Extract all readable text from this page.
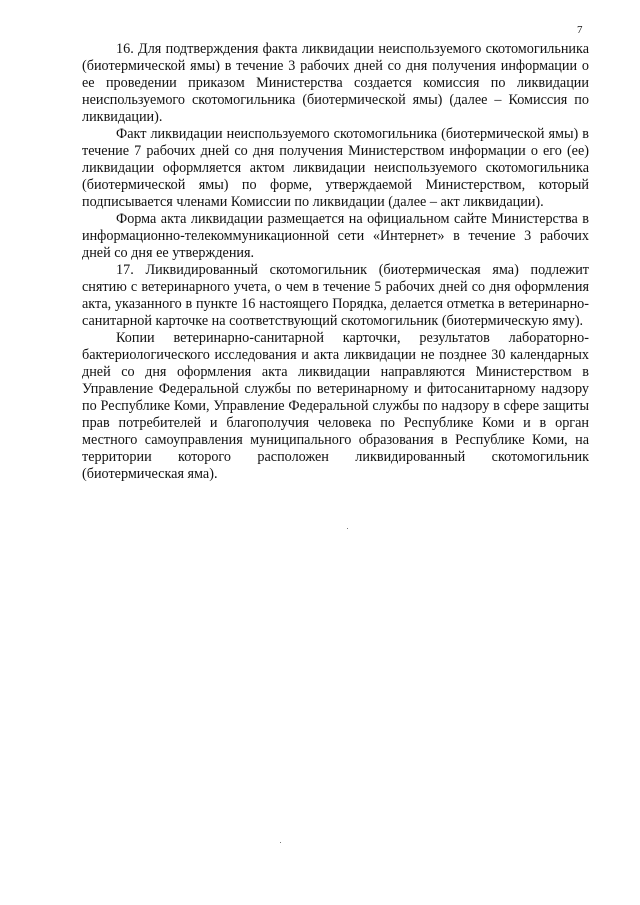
7

16. Для подтверждения факта ликвидации неиспользуемого скотомогильника (биотермической ямы) в течение 3 рабочих дней со дня получения информации о ее проведении приказом Министерства создается комиссия по ликвидации неиспользуемого скотомогильника (биотермической ямы) (далее – Комиссия по ликвидации).

Факт ликвидации неиспользуемого скотомогильника (биотермической ямы) в течение 7 рабочих дней со дня получения Министерством информации о его (ее) ликвидации оформляется актом ликвидации неиспользуемого скотомогильника (биотермической ямы) по форме, утверждаемой Министерством, который подписывается членами Комиссии по ликвидации (далее – акт ликвидации).

Форма акта ликвидации размещается на официальном сайте Министерства в информационно-телекоммуникационной сети «Интернет» в течение 3 рабочих дней со дня ее утверждения.

17. Ликвидированный скотомогильник (биотермическая яма) подлежит снятию с ветеринарного учета, о чем в течение 5 рабочих дней со дня оформления акта, указанного в пункте 16 настоящего Порядка, делается отметка в ветеринарно-санитарной карточке на соответствующий скотомогильник (биотермическую яму).

Копии ветеринарно-санитарной карточки, результатов лабораторно-бактериологического исследования и акта ликвидации не позднее 30 календарных дней со дня оформления акта ликвидации направляются Министерством в Управление Федеральной службы по ветеринарному и фитосанитарному надзору по Республике Коми, Управление Федеральной службы по надзору в сфере защиты прав потребителей и благополучия человека по Республике Коми и в орган местного самоуправления муниципального образования в Республике Коми, на территории которого расположен ликвидированный скотомогильник (биотермическая яма).
